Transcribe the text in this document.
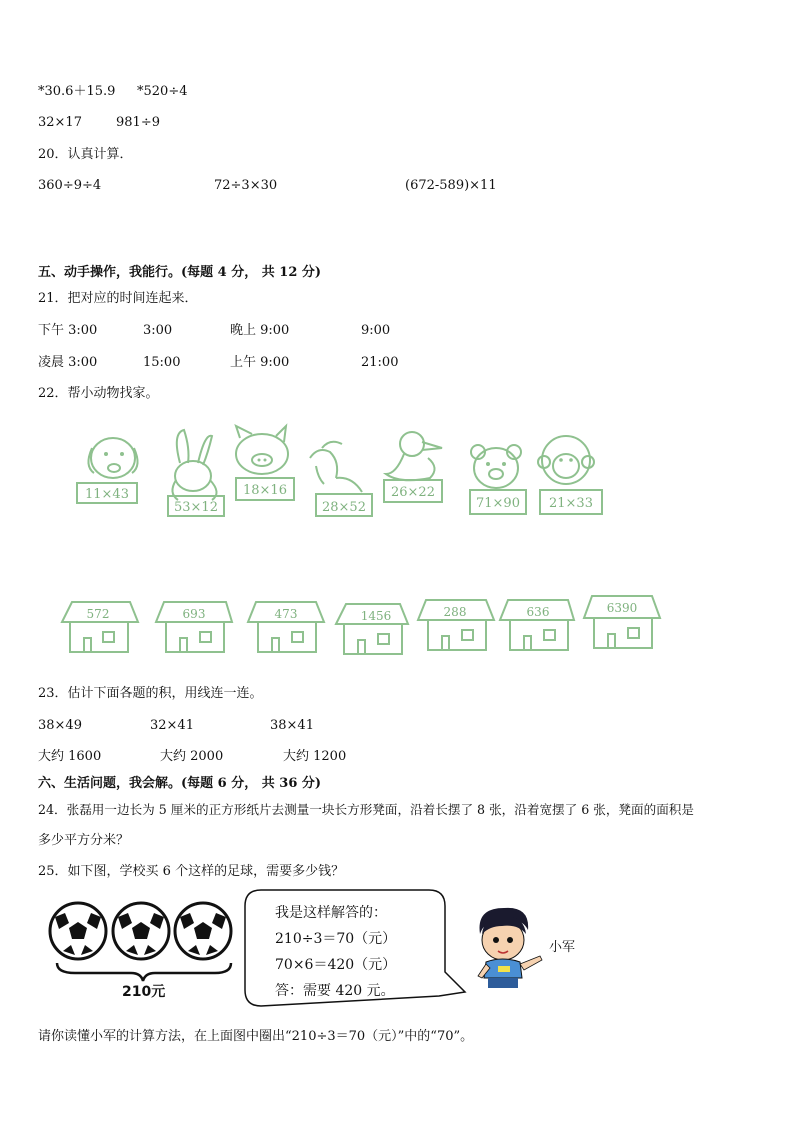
*30.6＋15.9 *520÷4
32×17	981÷9
20．认真计算．
360÷9÷4	72÷3×30	(672-589)×11
五、动手操作，我能行。(每题 4 分， 共 12 分)
21．把对应的时间连起来．
下午 3:00	3:00	晚上 9:00	9:00
凌晨 3:00	15:00	上午 9:00	21:00
22．帮小动物找家。
11×43
53×12
18×16
28×52
26×22
71×90 21×33
572	693	473	1456	288	636	6390
23．估计下面各题的积，用线连一连。
38×49	32×41	38×41
大约 1600	大约 2000	大约 1200
六、生活问题，我会解。(每题 6 分， 共 36 分)
24．张磊用一边长为 5 厘米的正方形纸片去测量一块长方形凳面，沿着长摆了 8 张，沿着宽摆了 6 张，凳面的面积是
多少平方分米？
25．如下图，学校买 6 个这样的足球，需要多少钱？
210元
我是这样解答的：
210÷3＝70（元）
70×6＝420（元）
答：需要 420 元。
小军
请你读懂小军的计算方法，在上面图中圈出“210÷3＝70（元）”中的“70”。
